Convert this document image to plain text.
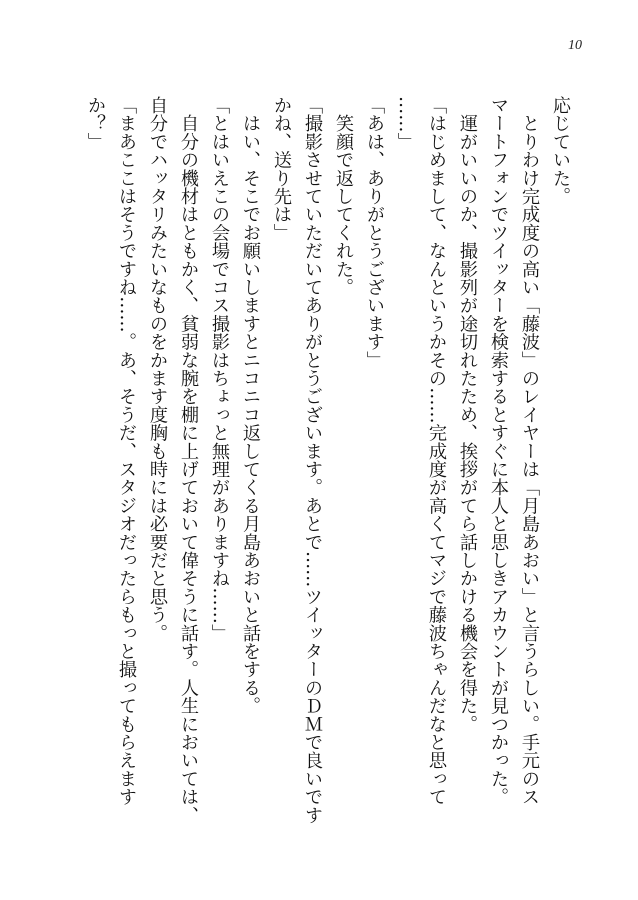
10

応じていた。

　とりわけ完成度の高い「藤波」のレイヤーは「月島あおい」と言うらしい。手元のス

マートフォンでツイッターを検索するとすぐに本人と思しきアカウントが見つかった。

　運がいいのか、撮影列が途切れたため、挨拶がてら話しかける機会を得た。

「はじめまして、なんというかその……完成度が高くてマジで藤波ちゃんだなと思って

……」

「あは、ありがとうございます」

　笑顔で返してくれた。

「撮影させていただいてありがとうございます。あとで……ツイッターのＤＭで良いです

かね、送り先は」

　はい、そこでお願いしますとニコニコ返してくる月島あおいと話をする。

「とはいえこの会場でコス撮影はちょっと無理がありますね……」

　自分の機材はともかく、貧弱な腕を棚に上げておいて偉そうに話す。人生においては、

自分でハッタリみたいなものをかます度胸も時には必要だと思う。

「まあここはそうですね……。あ、そうだ、スタジオだったらもっと撮ってもらえます

か？」
